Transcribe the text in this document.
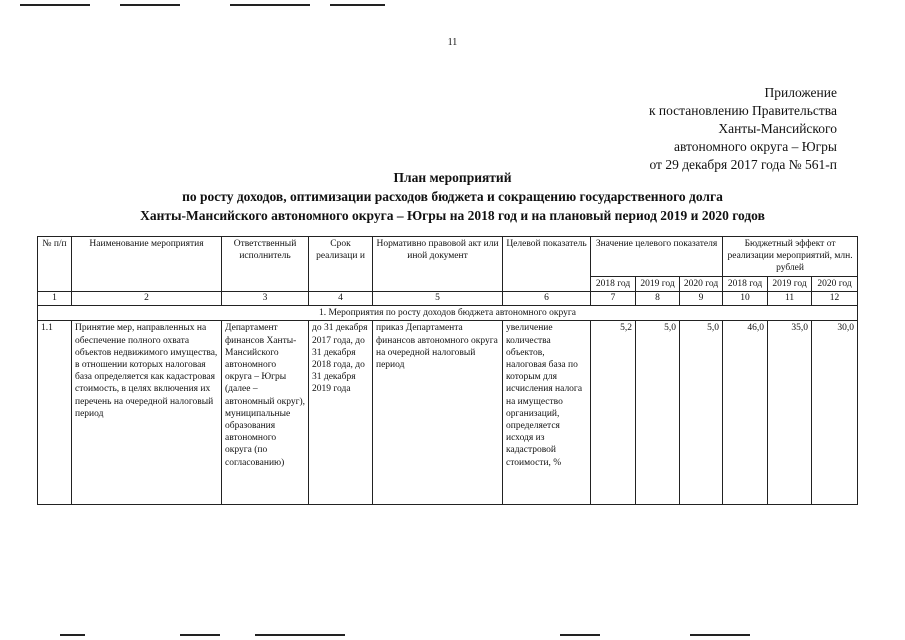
11
Приложение
к постановлению Правительства
Ханты-Мансийского
автономного округа – Югры
от 29 декабря 2017 года № 561-п
План мероприятий
по росту доходов, оптимизации расходов бюджета и сокращению государственного долга
Ханты-Мансийского автономного округа – Югры на 2018 год и на плановый период 2019 и 2020 годов
№ п/п	Наименование мероприятия	Ответственный исполнитель	Срок реализаци и	Нормативно правовой акт или иной документ	Целевой показатель	Значение целевого показателя			Бюджетный эффект от реализации мероприятий, млн. рублей		
						2018 год	2019 год	2020 год	2018 год	2019 год	2020 год
1	2	3	4	5	6	7	8	9	10	11	12
1. Мероприятия по росту доходов бюджета автономного округа											
1.1	Принятие мер, направленных на обеспечение полного охвата объектов недвижимого имущества, в отношении которых налоговая база определяется как кадастровая стоимость, в целях включения их перечень на очередной налоговый период	Департамент финансов Ханты-Мансийского автономного округа – Югры (далее – автономный округ), муниципальные образования автономного округа (по согласованию)	до 31 декабря 2017 года, до 31 декабря 2018 года, до 31 декабря 2019 года	приказ Департамента финансов автономного округа на очередной налоговый период	увеличение количества объектов, налоговая база по которым для исчисления налога на имущество организаций, определяется исходя из кадастровой стоимости, %	5,2	5,0	5,0	46,0	35,0	30,0
